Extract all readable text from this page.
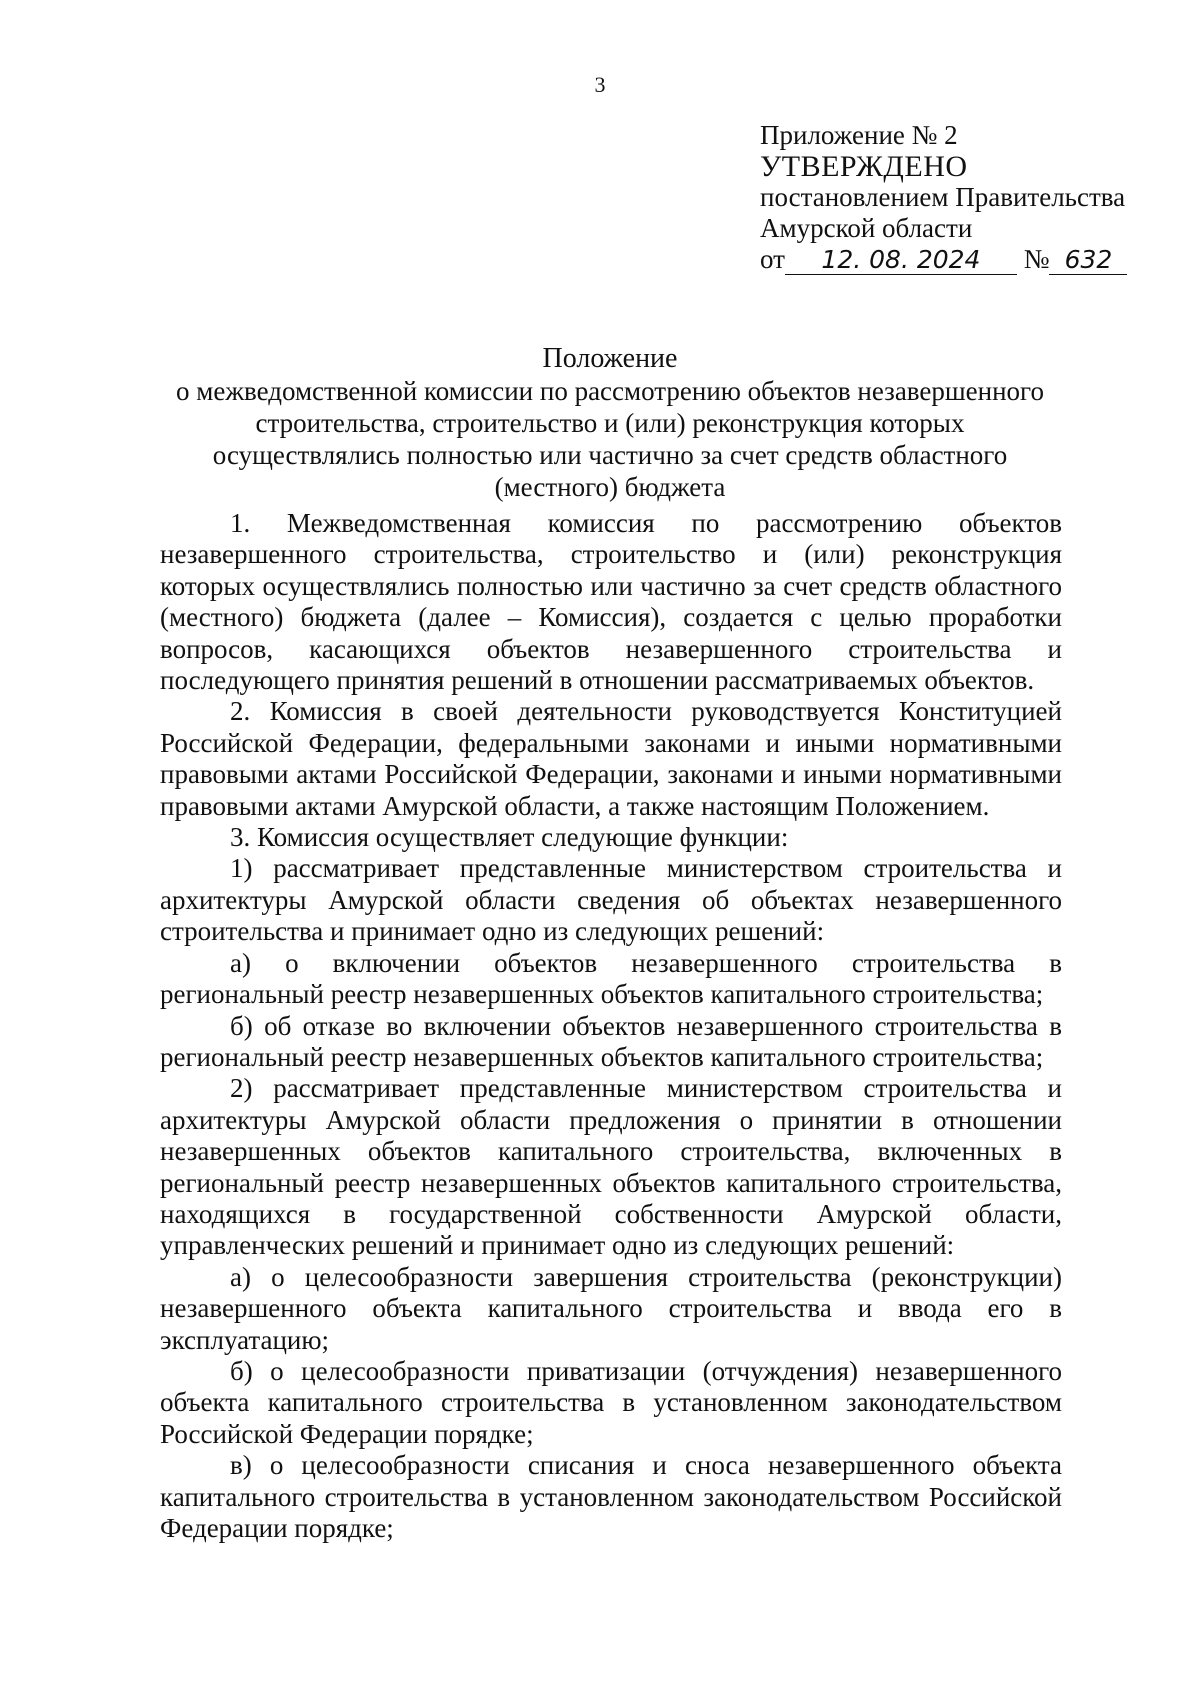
3
Приложение № 2
УТВЕРЖДЕНО
постановлением Правительства
Амурской области
от 12. 08. 2024 № 632
Положение
о межведомственной комиссии по рассмотрению объектов незавершенного строительства, строительство и (или) реконструкция которых осуществлялись полностью или частично за счет средств областного (местного) бюджета

1. Межведомственная комиссия по рассмотрению объектов незавершенного строительства, строительство и (или) реконструкция которых осуществлялись полностью или частично за счет средств областного (местного) бюджета (далее – Комиссия), создается с целью проработки вопросов, касающихся объектов незавершенного строительства и последующего принятия решений в отношении рассматриваемых объектов.

2. Комиссия в своей деятельности руководствуется Конституцией Российской Федерации, федеральными законами и иными нормативными правовыми актами Российской Федерации, законами и иными нормативными правовыми актами Амурской области, а также настоящим Положением.

3. Комиссия осуществляет следующие функции:

1) рассматривает представленные министерством строительства и архитектуры Амурской области сведения об объектах незавершенного строительства и принимает одно из следующих решений:

а) о включении объектов незавершенного строительства в региональный реестр незавершенных объектов капитального строительства;

б) об отказе во включении объектов незавершенного строительства в региональный реестр незавершенных объектов капитального строительства;

2) рассматривает представленные министерством строительства и архитектуры Амурской области предложения о принятии в отношении незавершенных объектов капитального строительства, включенных в региональный реестр незавершенных объектов капитального строительства, находящихся в государственной собственности Амурской области, управленческих решений и принимает одно из следующих решений:

а) о целесообразности завершения строительства (реконструкции) незавершенного объекта капитального строительства и ввода его в эксплуатацию;

б) о целесообразности приватизации (отчуждения) незавершенного объекта капитального строительства в установленном законодательством Российской Федерации порядке;

в) о целесообразности списания и сноса незавершенного объекта капитального строительства в установленном законодательством Российской Федерации порядке;
